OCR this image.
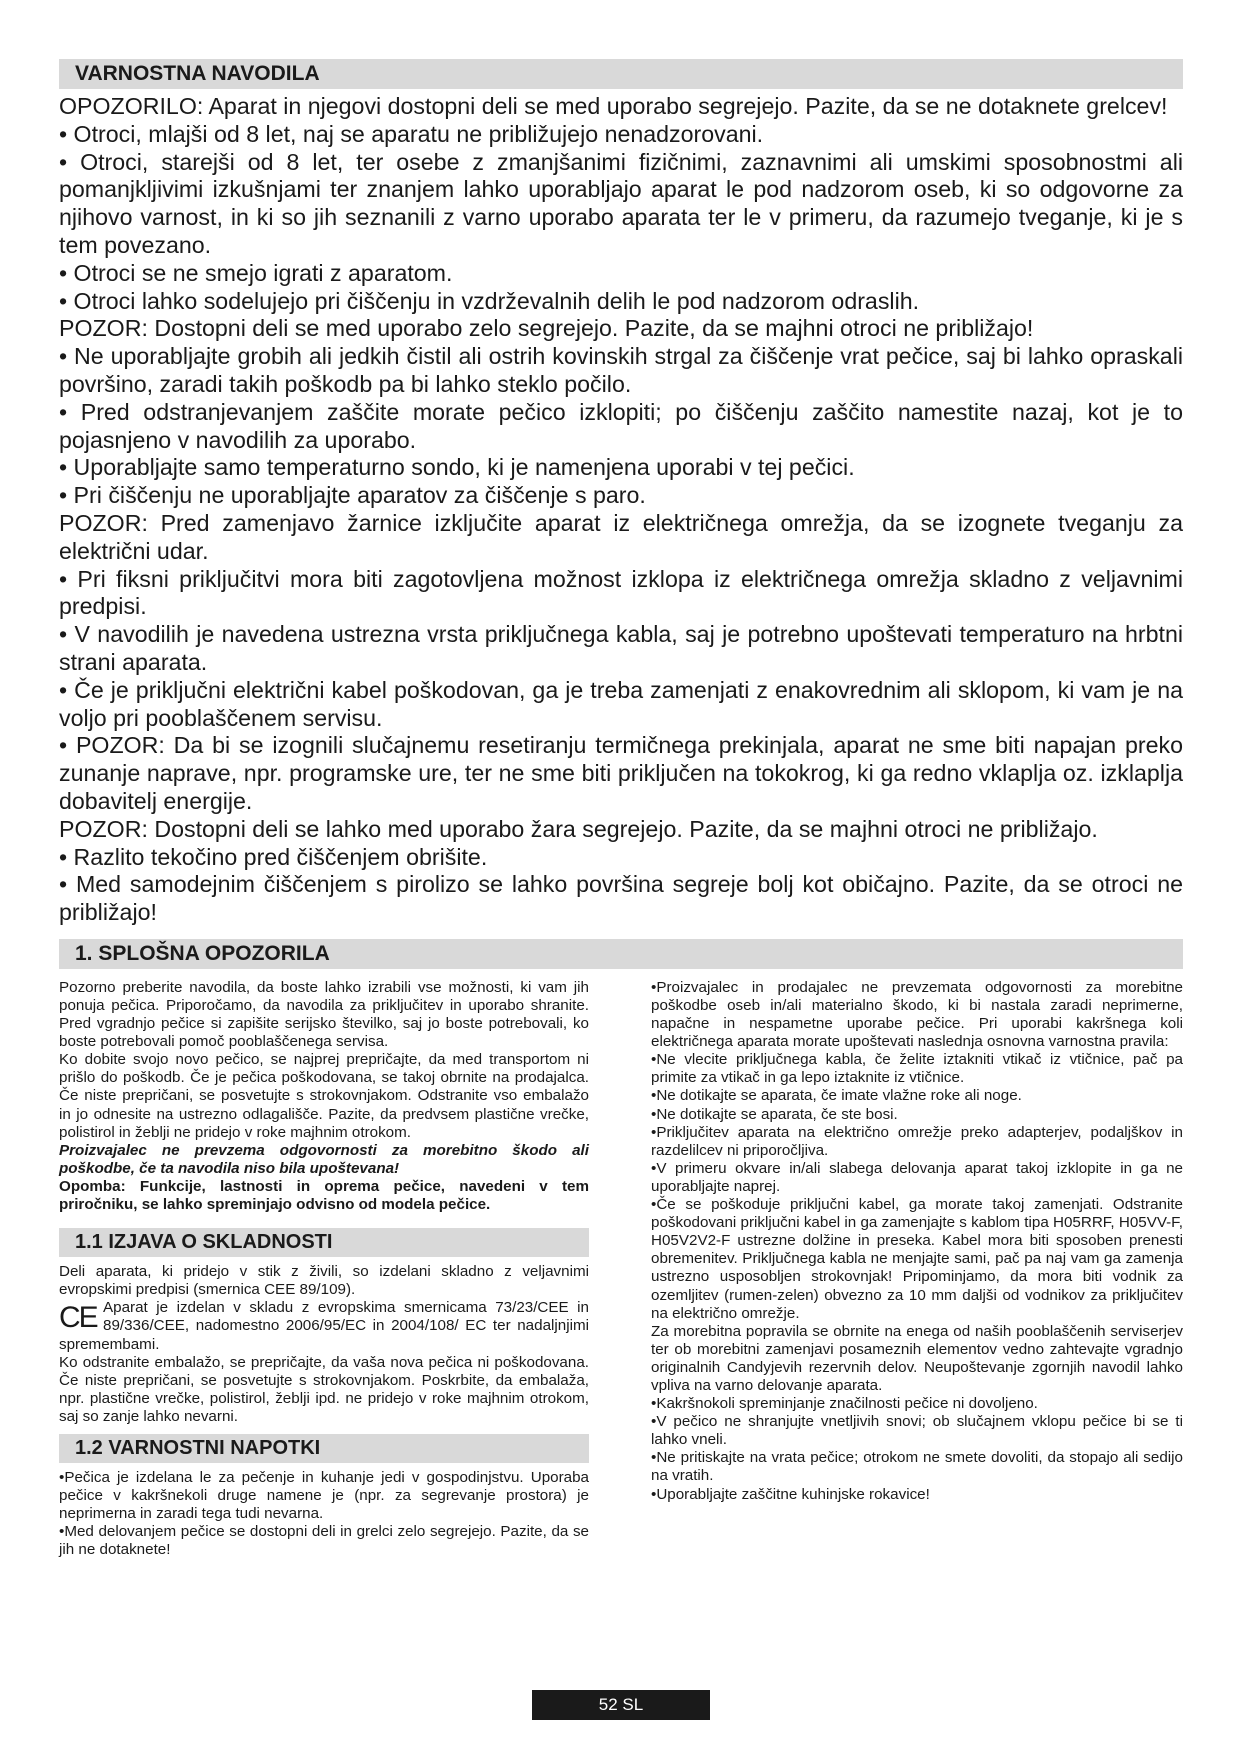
VARNOSTNA NAVODILA

OPOZORILO: Aparat in njegovi dostopni deli se med uporabo segrejejo. Pazite, da se ne dotaknete grelcev!

• Otroci, mlajši od 8 let, naj se aparatu ne približujejo nenadzorovani.

• Otroci, starejši od 8 let, ter osebe z zmanjšanimi fizičnimi, zaznavnimi ali umskimi sposobnostmi ali pomanjkljivimi izkušnjami ter znanjem lahko uporabljajo aparat le pod nadzorom oseb, ki so odgovorne za njihovo varnost, in ki so jih seznanili z varno uporabo aparata ter le v primeru, da razumejo tveganje, ki je s tem povezano.

• Otroci se ne smejo igrati z aparatom.

• Otroci lahko sodelujejo pri čiščenju in vzdrževalnih delih le pod nadzorom odraslih.

POZOR: Dostopni deli se med uporabo zelo segrejejo. Pazite, da se majhni otroci ne približajo!

• Ne uporabljajte grobih ali jedkih čistil ali ostrih kovinskih strgal za čiščenje vrat pečice, saj bi lahko opraskali površino, zaradi takih poškodb pa bi lahko steklo počilo.

• Pred odstranjevanjem zaščite morate pečico izklopiti; po čiščenju zaščito namestite nazaj, kot je to pojasnjeno v navodilih za uporabo.

• Uporabljajte samo temperaturno sondo, ki je namenjena uporabi v tej pečici.

• Pri čiščenju ne uporabljajte aparatov za čiščenje s paro.

POZOR: Pred zamenjavo žarnice izključite aparat iz električnega omrežja, da se izognete tveganju za električni udar.

• Pri fiksni priključitvi mora biti zagotovljena možnost izklopa iz električnega omrežja skladno z veljavnimi predpisi.

• V navodilih je navedena ustrezna vrsta priključnega kabla, saj je potrebno upoštevati temperaturo na hrbtni strani aparata.

• Če je priključni električni kabel poškodovan, ga je treba zamenjati z enakovrednim ali sklopom, ki vam je na voljo pri pooblaščenem servisu.

• POZOR: Da bi se izognili slučajnemu resetiranju termičnega prekinjala, aparat ne sme biti napajan preko zunanje naprave, npr. programske ure, ter ne sme biti priključen na tokokrog, ki ga redno vklaplja oz. izklaplja dobavitelj energije.

POZOR: Dostopni deli se lahko med uporabo žara segrejejo. Pazite, da se majhni otroci ne približajo.

• Razlito tekočino pred čiščenjem obrišite.

• Med samodejnim čiščenjem s pirolizo se lahko površina segreje bolj kot običajno. Pazite, da se otroci ne približajo!

1. SPLOŠNA OPOZORILA

Pozorno preberite navodila, da boste lahko izrabili vse možnosti, ki vam jih ponuja pečica. Priporočamo, da navodila za priključitev in uporabo shranite. Pred vgradnjo pečice si zapišite serijsko številko, saj jo boste potrebovali, ko boste potrebovali pomoč pooblaščenega servisa.

Ko dobite svojo novo pečico, se najprej prepričajte, da med transportom ni prišlo do poškodb. Če je pečica poškodovana, se takoj obrnite na prodajalca. Če niste prepričani, se posvetujte s strokovnjakom. Odstranite vso embalažo in jo odnesite na ustrezno odlagališče. Pazite, da predvsem plastične vrečke, polistirol in žeblji ne pridejo v roke majhnim otrokom.

Proizvajalec ne prevzema odgovornosti za morebitno škodo ali poškodbe, če ta navodila niso bila upoštevana!

Opomba: Funkcije, lastnosti in oprema pečice, navedeni v tem priročniku, se lahko spreminjajo odvisno od modela pečice.

1.1 IZJAVA O SKLADNOSTI

Deli aparata, ki pridejo v stik z živili, so izdelani skladno z veljavnimi evropskimi predpisi (smernica CEE 89/109).

CE Aparat je izdelan v skladu z evropskima smernicama 73/23/CEE in 89/336/CEE, nadomestno 2006/95/EC in 2004/108/ EC ter nadaljnjimi spremembami.

Ko odstranite embalažo, se prepričajte, da vaša nova pečica ni poškodovana. Če niste prepričani, se posvetujte s strokovnjakom. Poskrbite, da embalaža, npr. plastične vrečke, polistirol, žeblji ipd. ne pridejo v roke majhnim otrokom, saj so zanje lahko nevarni.

1.2 VARNOSTNI NAPOTKI

•Pečica je izdelana le za pečenje in kuhanje jedi v gospodinjstvu. Uporaba pečice v kakršnekoli druge namene je (npr. za segrevanje prostora) je neprimerna in zaradi tega tudi nevarna.

•Med delovanjem pečice se dostopni deli in grelci zelo segrejejo. Pazite, da se jih ne dotaknete!

•Proizvajalec in prodajalec ne prevzemata odgovornosti za morebitne poškodbe oseb in/ali materialno škodo, ki bi nastala zaradi neprimerne, napačne in nespametne uporabe pečice. Pri uporabi kakršnega koli električnega aparata morate upoštevati naslednja osnovna varnostna pravila:

•Ne vlecite priključnega kabla, če želite iztakniti vtikač iz vtičnice, pač pa primite za vtikač in ga lepo iztaknite iz vtičnice.

•Ne dotikajte se aparata, če imate vlažne roke ali noge.

•Ne dotikajte se aparata, če ste bosi.

•Priključitev aparata na električno omrežje preko adapterjev, podaljškov in razdelilcev ni priporočljiva.

•V primeru okvare in/ali slabega delovanja aparat takoj izklopite in ga ne uporabljajte naprej.

•Če se poškoduje priključni kabel, ga morate takoj zamenjati. Odstranite poškodovani priključni kabel in ga zamenjajte s kablom tipa H05RRF, H05VV-F, H05V2V2-F ustrezne dolžine in preseka. Kabel mora biti sposoben prenesti obremenitev. Priključnega kabla ne menjajte sami, pač pa naj vam ga zamenja ustrezno usposobljen strokovnjak! Pripominjamo, da mora biti vodnik za ozemljitev (rumen-zelen) obvezno za 10 mm daljši od vodnikov za priključitev na električno omrežje.

Za morebitna popravila se obrnite na enega od naših pooblaščenih serviserjev ter ob morebitni zamenjavi posameznih elementov vedno zahtevajte vgradnjo originalnih Candyjevih rezervnih delov. Neupoštevanje zgornjih navodil lahko vpliva na varno delovanje aparata.

•Kakršnokoli spreminjanje značilnosti pečice ni dovoljeno.

•V pečico ne shranjujte vnetljivih snovi; ob slučajnem vklopu pečice bi se ti lahko vneli.

•Ne pritiskajte na vrata pečice; otrokom ne smete dovoliti, da stopajo ali sedijo na vratih.

•Uporabljajte zaščitne kuhinjske rokavice!

52 SL
